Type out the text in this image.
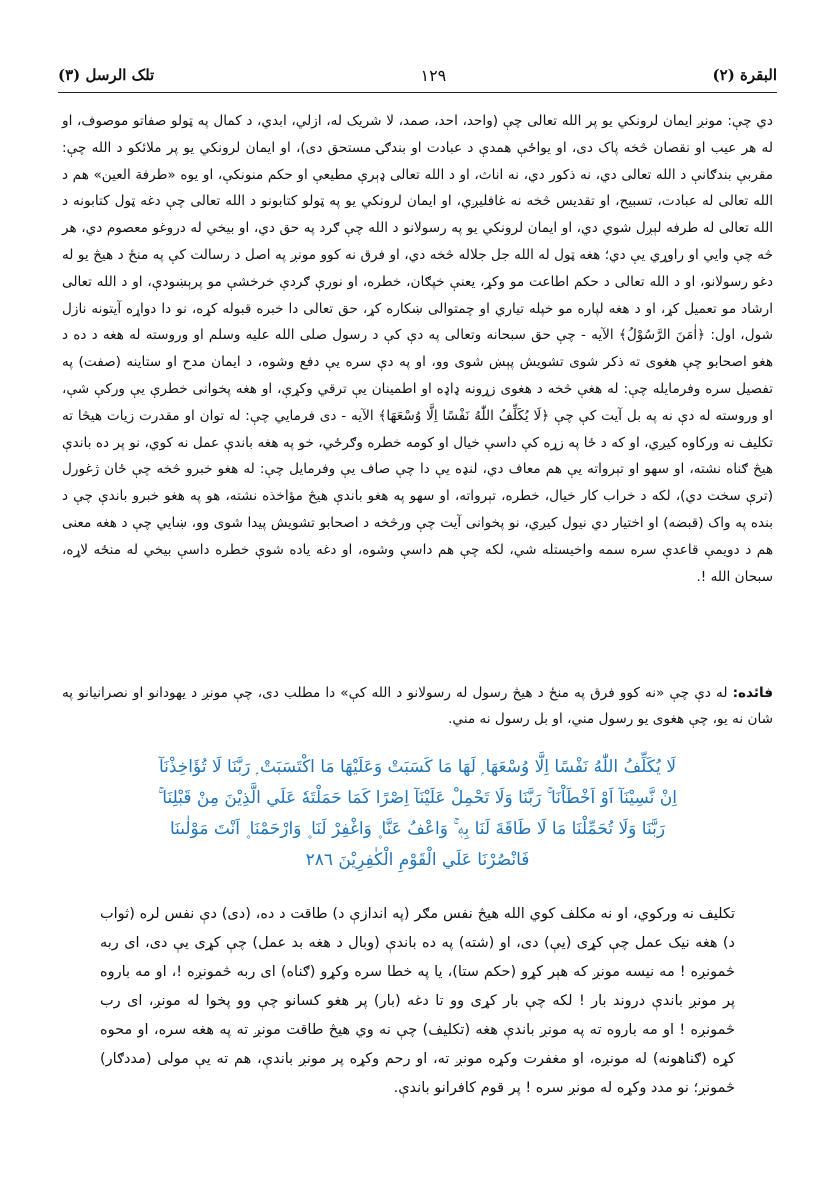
تلک الرسل (٣)	١٢٩	البقرة (٢)

دي چې: مونږ ايمان لرونکي يو پر الله تعالى چې (واحد، احد، صمد، لا شريک له، ازلي، ابدي، د کمال په ټولو صفاتو موصوف، او له هر عيب او نقصان څخه پاک دی، او يواځې همدې د عبادت او بندګۍ مستحق دی)، او ايمان لرونکي يو پر ملائکو د الله چې: مقربې بندګانې د الله تعالى دي، نه ذکور دي، نه اناث، او د الله تعالى ډېرې مطيعې او حکم منونکې، او يوه «طرفة العين» هم د الله تعالى له عبادت، تسبيح، او تقديس څخه نه غافليږي، او ايمان لرونکي يو په ټولو کتابونو د الله تعالى چې دغه ټول کتابونه د الله تعالى له طرفه لېږل شوي دي، او ايمان لرونکي يو په رسولانو د الله چې ګرد په حق دي، او بيخي له دروغو معصوم دي، هر څه چې وايي او راوړي يې دي؛ هغه ټول له الله جل جلاله څخه دي، او فرق نه کوو مونږ په اصل د رسالت کې په منځ د هيڅ يو له دغو رسولانو، او د الله تعالى د حکم اطاعت مو وکړ، يعنې خپګان، خطره، او نورې ګردې خرخشې مو پرېښودې، او د الله تعالى ارشاد مو تعميل کړ، او د هغه لپاره مو خپله تياري او چمتوالى ښکاره کړ، حق تعالى دا خبره قبوله کړه، نو دا دواړه آيتونه نازل شول، اول: ﴿اٰمَنَ الرَّسُوْلُ﴾ الآيه - چې حق سبحانه وتعالى په دې کې د رسول صلى الله عليه وسلم او وروسته له هغه د ده د هغو اصحابو چې هغوی ته ذکر شوی تشويش پېښ شوی وو، او په دې سره يې دفع وشوه، د ايمان مدح او ستاينه (صفت) په تفصيل سره وفرمايله چې: له هغې څخه د هغوی زړونه ډاډه او اطمينان يې ترقي وکړې، او هغه پخوانی خطرې يې ورکې شې، او وروسته له دې نه په بل آيت کې چې ﴿لَا يُكَلِّفُ اللّٰهُ نَفْسًا اِلَّا وُسْعَهَا﴾ الآيه - دی فرمايي چې: له توان او مقدرت زيات هيڅا ته تکليف نه ورکاوه کيږي، او که د ځا په زړه کې داسې خيال او کومه خطره وګرځي، خو په هغه باندې عمل نه کوي، نو پر ده باندې هيڅ ګناه نشته، او سهو او تېرواته يې هم معاف دي، لنډه يې دا چې صاف يې وفرمايل چې: له هغو خبرو څخه چې ځان ژغورل (ترې سخت دي)، لکه د خراب کار خيال، خطره، تېرواته، او سهو په هغو باندې هيڅ مؤاخذه نشته، هو په هغو خبرو باندې چې د بنده په واک (قبضه) او اختيار دي نيول کيږي، نو پخوانی آيت چې ورڅخه د اصحابو تشويش پيدا شوی وو، ښايي چې د هغه معنى هم د دويمې قاعدې سره سمه واخيستله شي، لکه چې هم داسې وشوه، او دغه ياده شوې خطره داسې بيخي له منځه لاړه، سبحان الله !.

فائده: له دې چې «نه کوو فرق په منځ د هيڅ رسول له رسولانو د الله کې» دا مطلب دی، چې مونږ د يهودانو او نصرانيانو په شان نه يو، چې هغوی يو رسول مني، او بل رسول نه مني.
لَا يُكَلِّفُ اللّٰهُ نَفْسًا اِلَّا وُسْعَهَا ۭ لَهَا مَا كَسَبَتْ وَعَلَيْهَا مَا اكْتَسَبَتْ ۭ رَبَّنَا لَا تُؤَاخِذْنَآ اِنْ نَّسِيْنَآ اَوْ اَخْطَاْنَا ۚ رَبَّنَا وَلَا تَحْمِلْ عَلَيْنَآ اِصْرًا كَمَا حَمَلْتَهٗ عَلَي الَّذِيْنَ مِنْ قَبْلِنَا ۚ رَبَّنَا وَلَا تُحَمِّلْنَا مَا لَا طَاقَةَ لَنَا بِهٖ ۚ وَاعْفُ عَنَّا ۪ وَاغْفِرْ لَنَا ۪ وَارْحَمْنَا ۪ اَنْتَ مَوْلٰىنَا فَانْصُرْنَا عَلَي الْقَوْمِ الْكٰفِرِيْنَ ٢٨٦
تکليف نه ورکوي، او نه مکلف کوي الله هيڅ نفس مګر (په اندازې د) طاقت د ده، (دی) دې نفس لره (ثواب د) هغه نيک عمل چې کړی (يې) دی، او (شته) په ده باندې (وبال د هغه بد عمل) چې کړی يې دی، ای ربه څمونږه ! مه نيسه مونږ که هېر کړو (حکم ستا)، يا په خطا سره وکړو (ګناه) ای ربه څمونږه !، او مه باروه پر مونږ باندې دروند بار ! لکه چې بار کړی وو تا دغه (بار) پر هغو کسانو چې وو پخوا له مونږ، ای رب څمونږه ! او مه باروه ته په مونږ باندې هغه (تکليف) چې نه وي هيڅ طاقت مونږ ته په هغه سره، او محوه کړه (ګناهونه) له مونږه، او مغفرت وکړه مونږ ته، او رحم وکړه پر مونږ باندې، هم ته يې مولى (مددګار) څمونږ؛ نو مدد وکړه له مونږ سره ! پر قوم کافرانو باندې.
